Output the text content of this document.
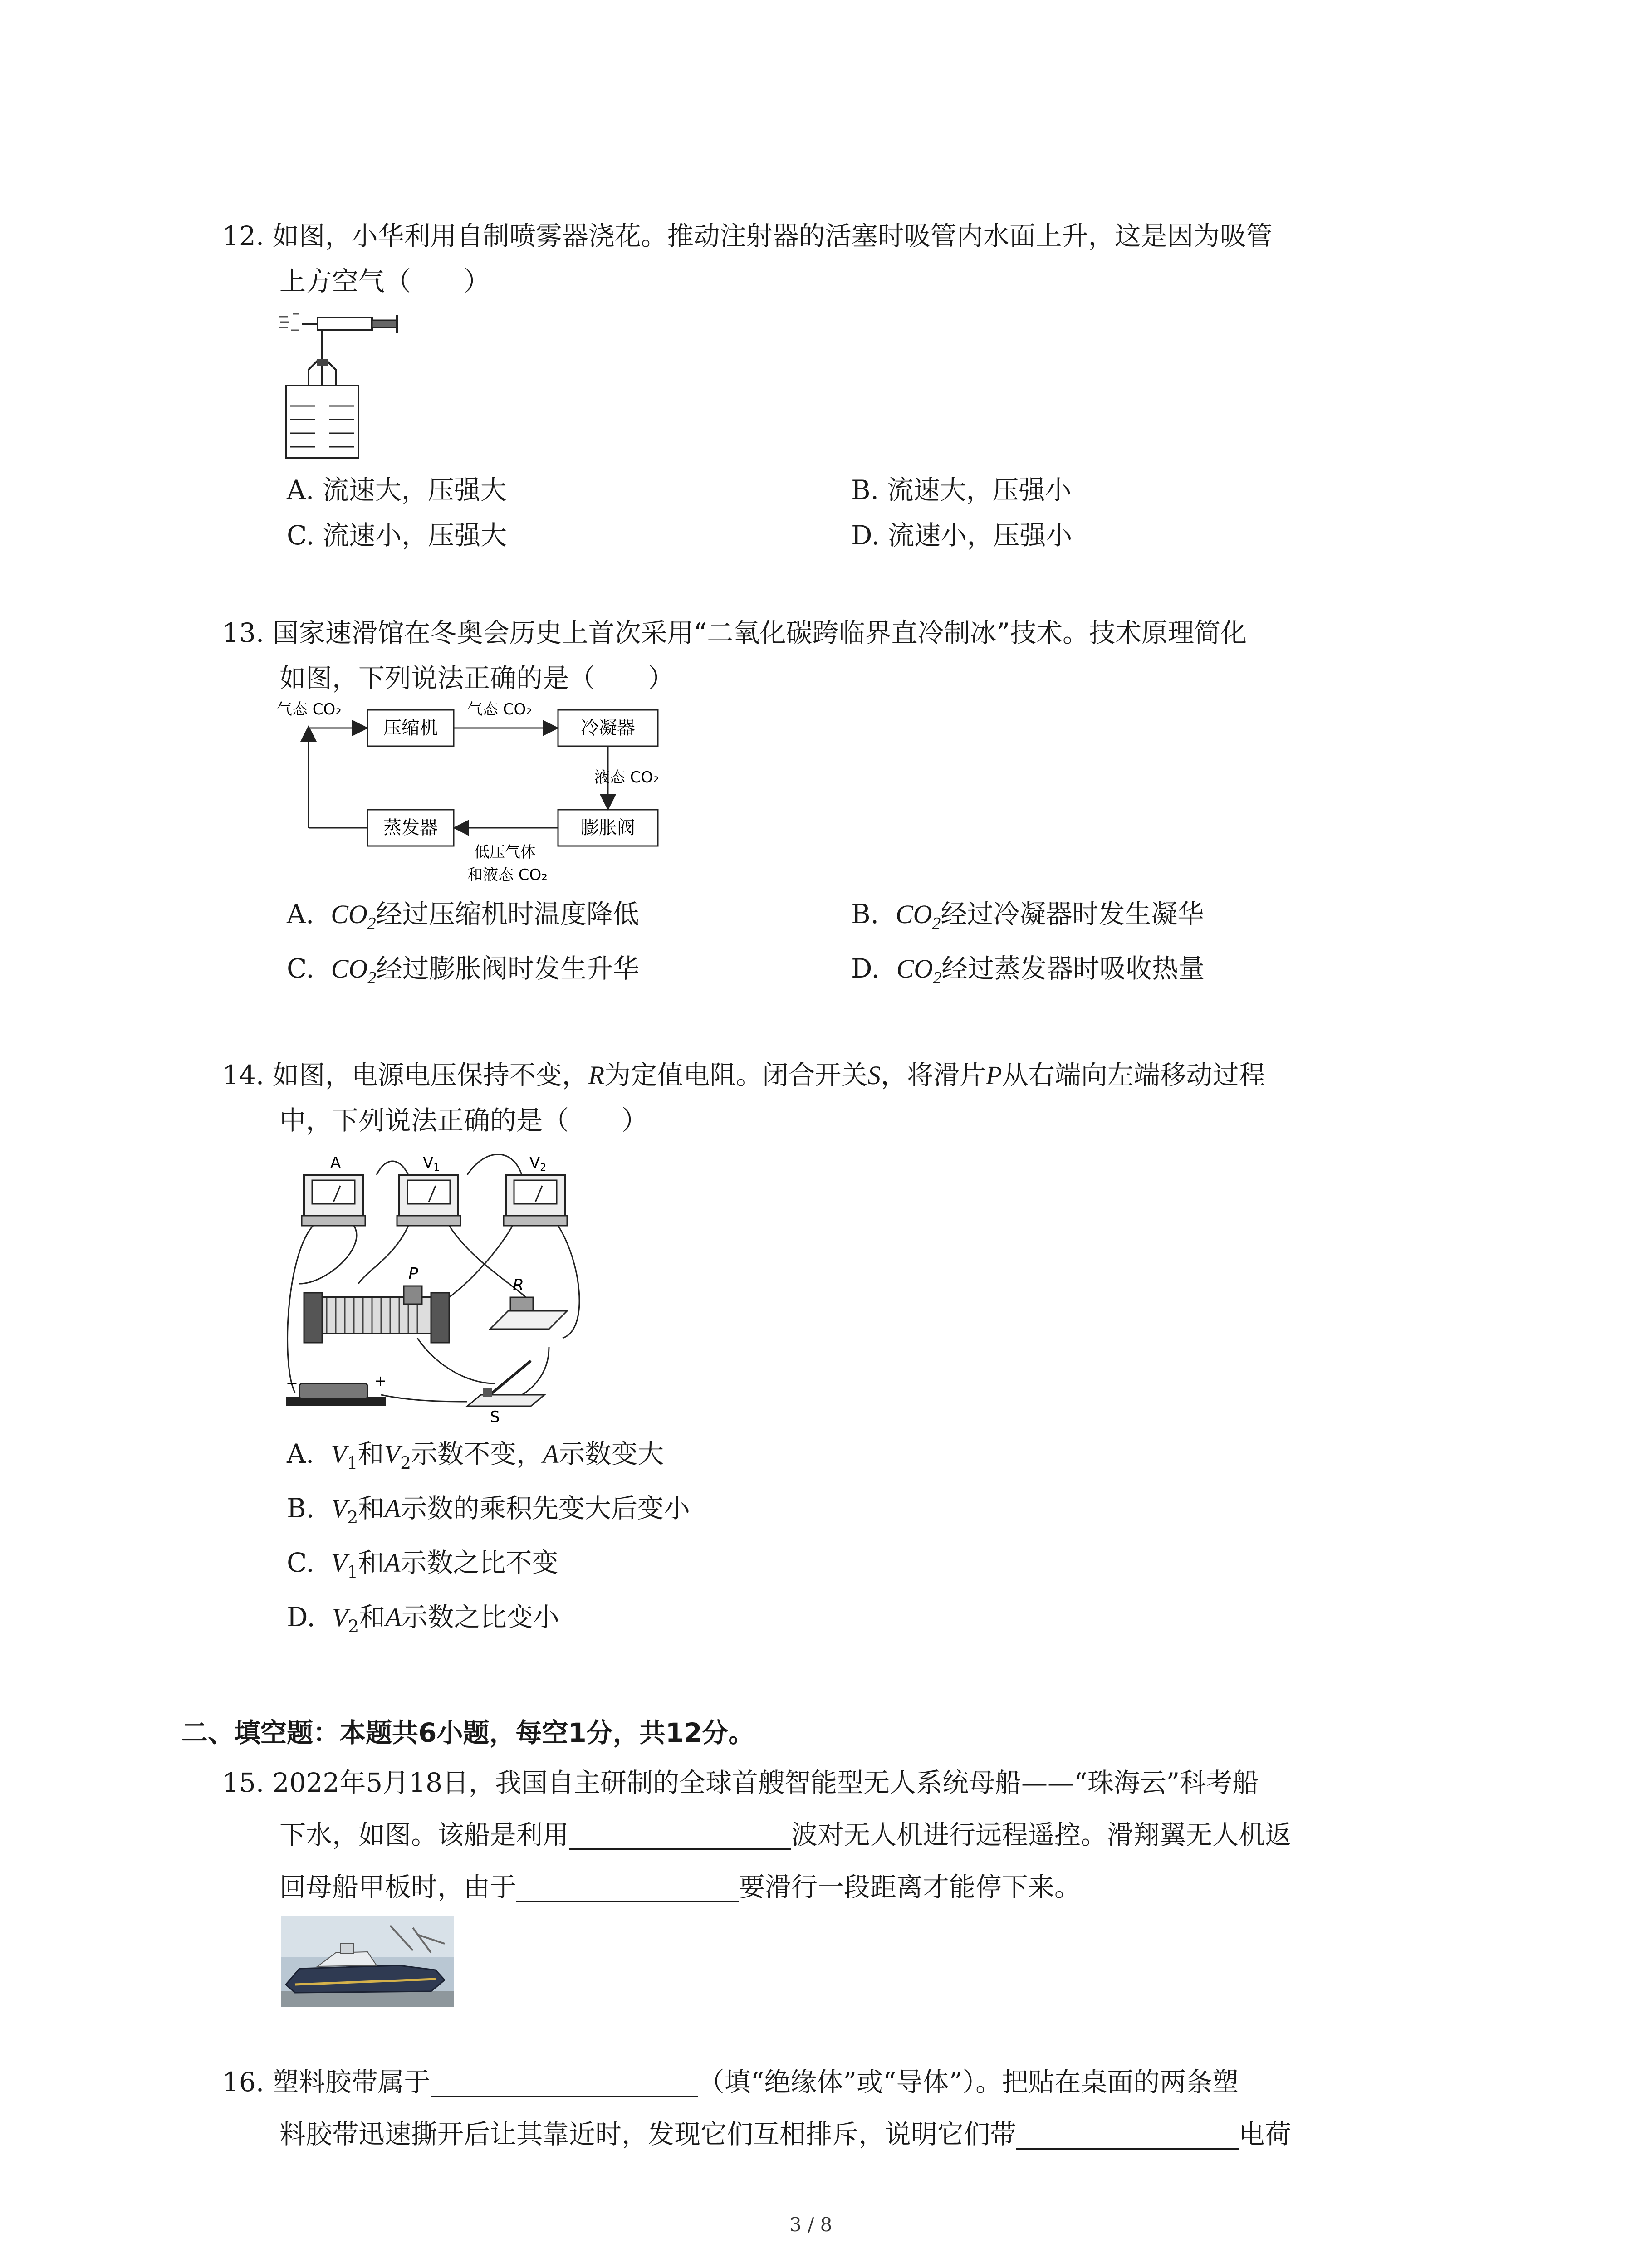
12. 如图，小华利用自制喷雾器浇花。推动注射器的活塞时吸管内水面上升，这是因为吸管
上方空气（　　）
A. 流速大，压强大	B. 流速大，压强小
C. 流速小，压强大	D. 流速小，压强小
13. 国家速滑馆在冬奥会历史上首次采用“二氧化碳跨临界直冷制冰”技术。技术原理简化
如图，下列说法正确的是（　　）
压缩机	冷凝器
膨胀阀
蒸发器
气态 CO₂	气态 CO₂
液态 CO₂
低压气体
和液态 CO₂
A. $CO_2$经过压缩机时温度降低	B. $CO_2$经过冷凝器时发生凝华
C. $CO_2$经过膨胀阀时发生升华	D. $CO_2$经过蒸发器时吸收热量
14. 如图，电源电压保持不变，R为定值电阻。闭合开关S，将滑片P从右端向左端移动过程
中，下列说法正确的是（　　）
A	V1	V2
P
R
−	+
S
A. $V_1$和$V_2$示数不变，A示数变大
B. $V_2$和A示数的乘积先变大后变小
C. $V_1$和A示数之比不变
D. $V_2$和A示数之比变小
二、填空题：本题共6小题，每空1分，共12分。
15. 2022年5月18日，我国自主研制的全球首艘智能型无人系统母船——“珠海云”科考船
下水，如图。该船是利用	波对无人机进行远程遥控。滑翔翼无人机返
回母船甲板时，由于	要滑行一段距离才能停下来。
16. 塑料胶带属于	（填“绝缘体”或“导体”）。把贴在桌面的两条塑
料胶带迅速撕开后让其靠近时，发现它们互相排斥，说明它们带	电荷
3 / 8
